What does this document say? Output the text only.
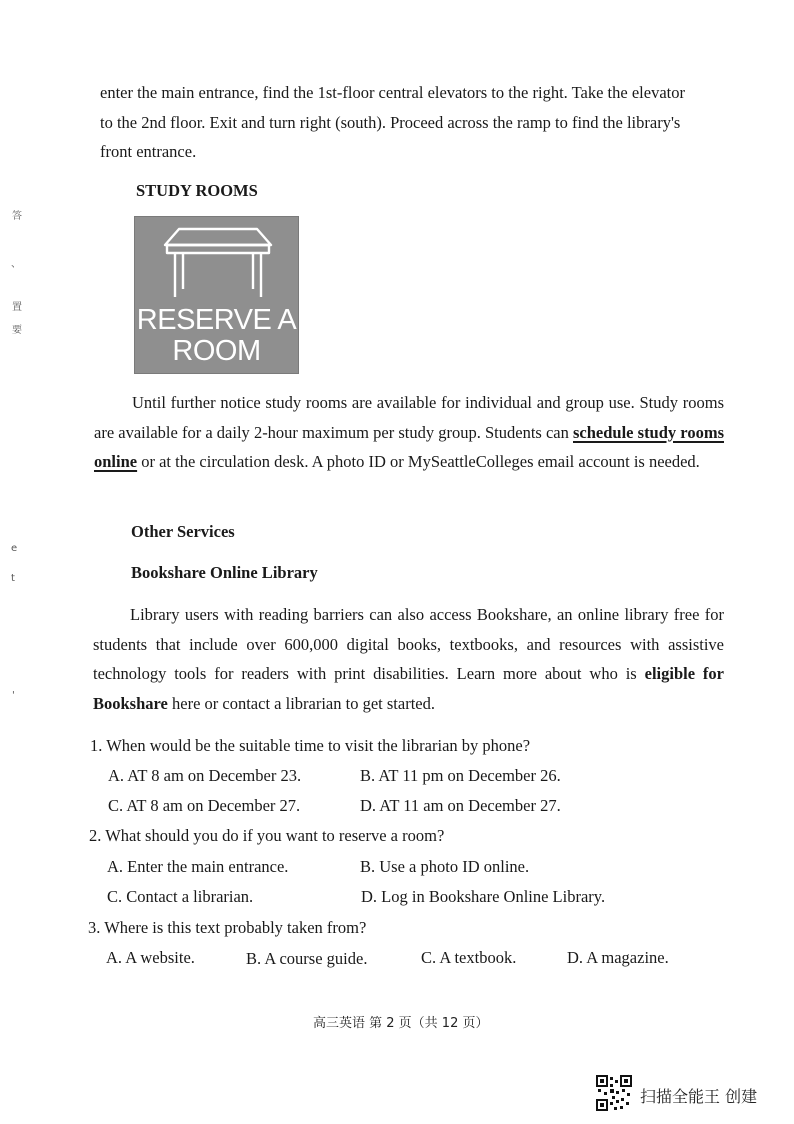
答
、
置
要
e
t
'
enter the main entrance, find the 1st-floor central elevators to the right. Take the elevator
to the 2nd floor. Exit and turn right (south). Proceed across the ramp to find the library's
front entrance.
STUDY ROOMS
RESERVE A
ROOM
Until further notice study rooms are available for individual and group use. Study rooms are available for a daily 2-hour maximum per study group. Students can schedule study rooms online or at the circulation desk. A photo ID or MySeattleColleges email account is needed.
Other Services
Bookshare Online Library
Library users with reading barriers can also access Bookshare, an online library free for students that include over 600,000 digital books, textbooks, and resources with assistive technology tools for readers with print disabilities. Learn more about who is eligible for Bookshare here or contact a librarian to get started.
1. When would be the suitable time to visit the librarian by phone?
A. AT 8 am on December 23.	B. AT 11 pm on December 26.
C. AT 8 am on December 27.	D. AT 11 am on December 27.
2. What should you do if you want to reserve a room?
A. Enter the main entrance.	B. Use a photo ID online.
C. Contact a librarian.	D. Log in Bookshare Online Library.
3. Where is this text probably taken from?
A. A website.	B. A course guide.	C. A textbook.	D. A magazine.
高三英语 第 2 页（共 12 页）
扫描全能王 创建
